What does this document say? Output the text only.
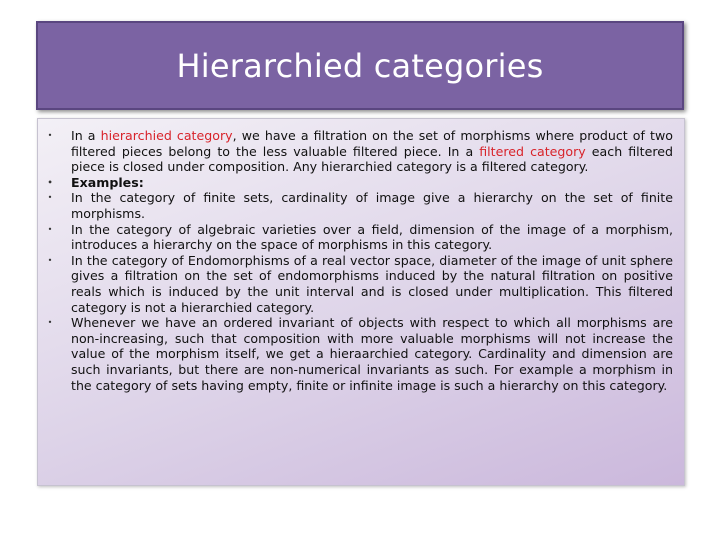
Hierarchied categories
• In a hierarchied category, we have a filtration on the set of morphisms where product of two filtered pieces belong to the less valuable filtered piece. In a filtered category each filtered piece is closed under composition. Any hierarchied category is a filtered category.
• Examples:
• In the category of finite sets, cardinality of image give a hierarchy on the set of finite morphisms.
• In the category of algebraic varieties over a field, dimension of the image of a morphism, introduces a hierarchy on the space of morphisms in this category.
• In the category of Endomorphisms of a real vector space, diameter of the image of unit sphere gives a filtration on the set of endomorphisms induced by the natural filtration on positive reals which is induced by the unit interval and is closed under multiplication. This filtered category is not a hierarchied category.
• Whenever we have an ordered invariant of objects with respect to which all morphisms are non-increasing, such that composition with more valuable morphisms will not increase the value of the morphism itself, we get a hieraarchied category. Cardinality and dimension are such invariants, but there are non-numerical invariants as such. For example a morphism in the category of sets having empty, finite or infinite image is such a hierarchy on this category.
